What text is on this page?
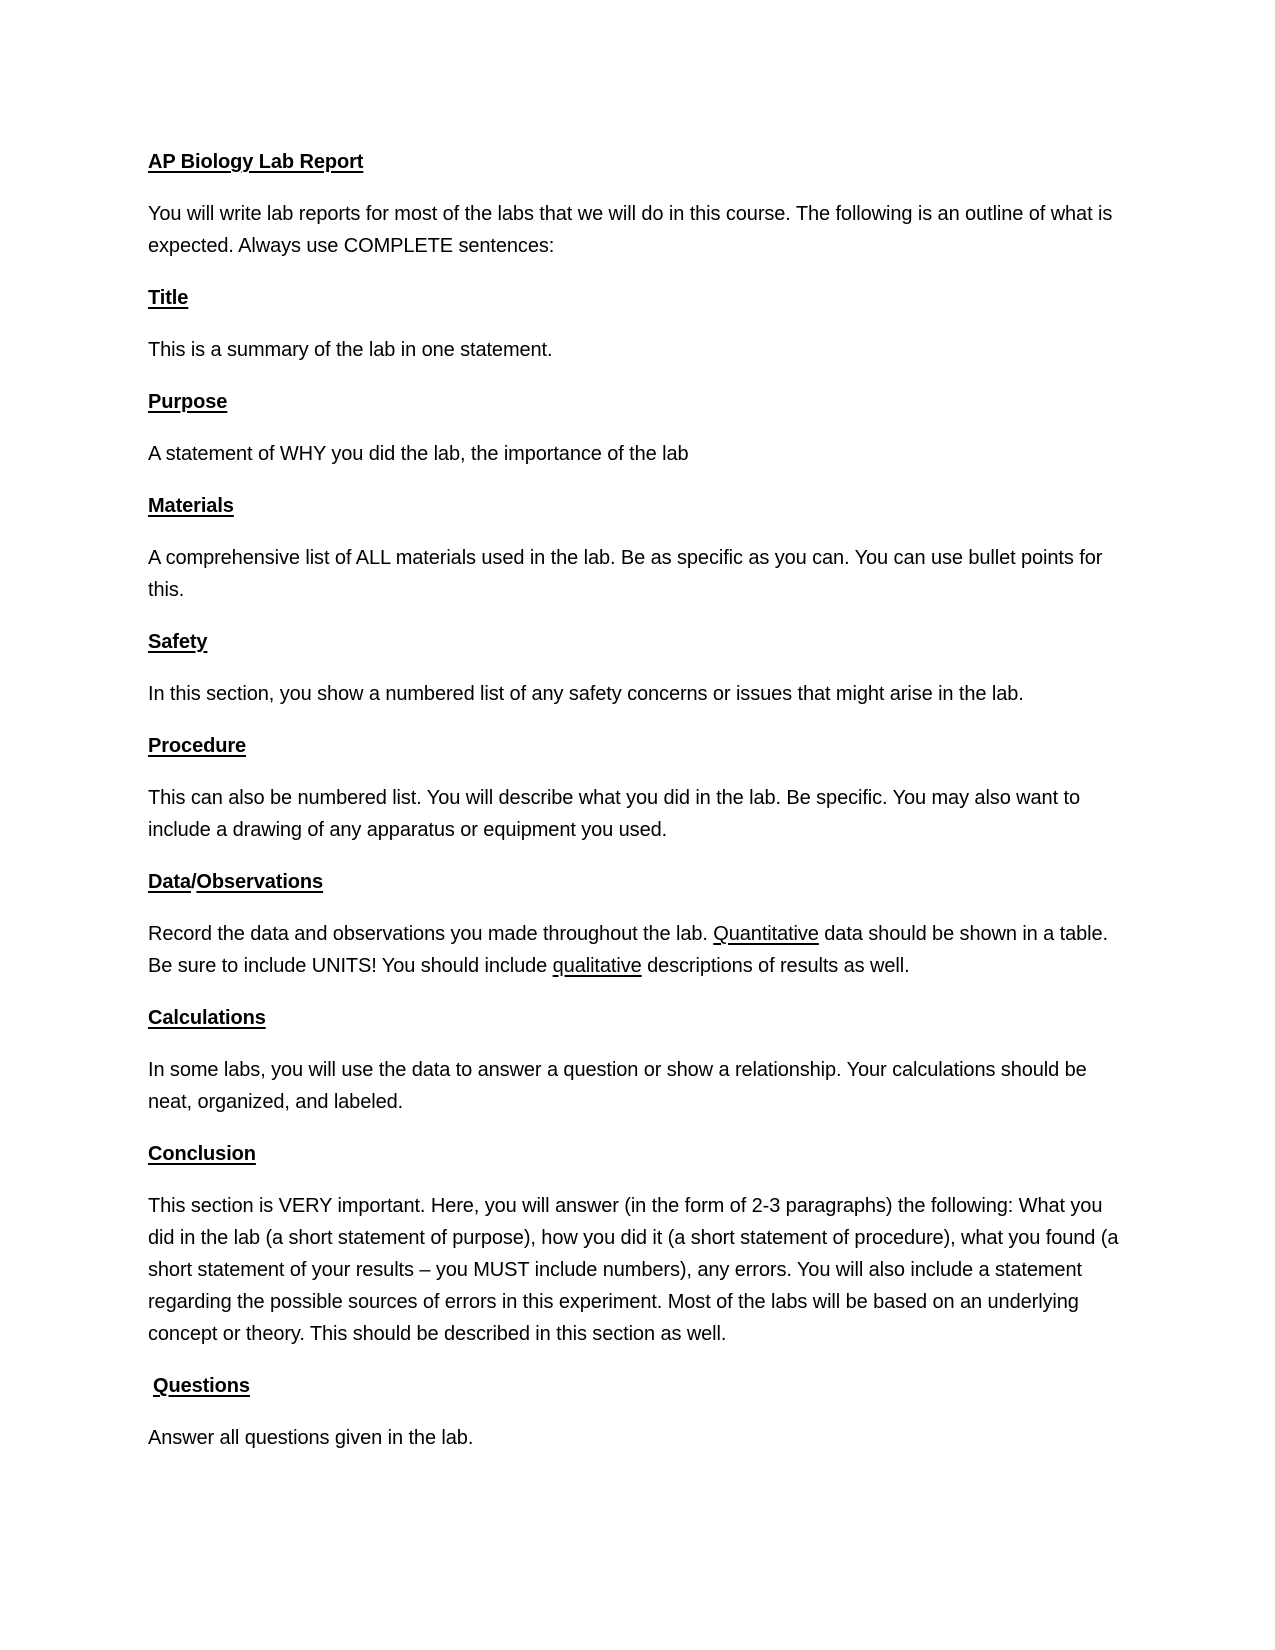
AP Biology Lab Report
You will write lab reports for most of the labs that we will do in this course. The following is an outline of what is expected. Always use COMPLETE sentences:
Title
This is a summary of the lab in one statement.
Purpose
A statement of WHY you did the lab, the importance of the lab
Materials
A comprehensive list of ALL materials used in the lab. Be as specific as you can. You can use bullet points for this.
Safety
In this section, you show a numbered list of any safety concerns or issues that might arise in the lab.
Procedure
This can also be numbered list. You will describe what you did in the lab. Be specific. You may also want to include a drawing of any apparatus or equipment you used.
Data/Observations
Record the data and observations you made throughout the lab. Quantitative data should be shown in a table. Be sure to include UNITS! You should include qualitative descriptions of results as well.
Calculations
In some labs, you will use the data to answer a question or show a relationship. Your calculations should be neat, organized, and labeled.
Conclusion
This section is VERY important. Here, you will answer (in the form of 2-3 paragraphs) the following: What you did in the lab (a short statement of purpose), how you did it (a short statement of procedure), what you found (a short statement of your results – you MUST include numbers), any errors. You will also include a statement regarding the possible sources of errors in this experiment. Most of the labs will be based on an underlying concept or theory. This should be described in this section as well.
Questions
Answer all questions given in the lab.
